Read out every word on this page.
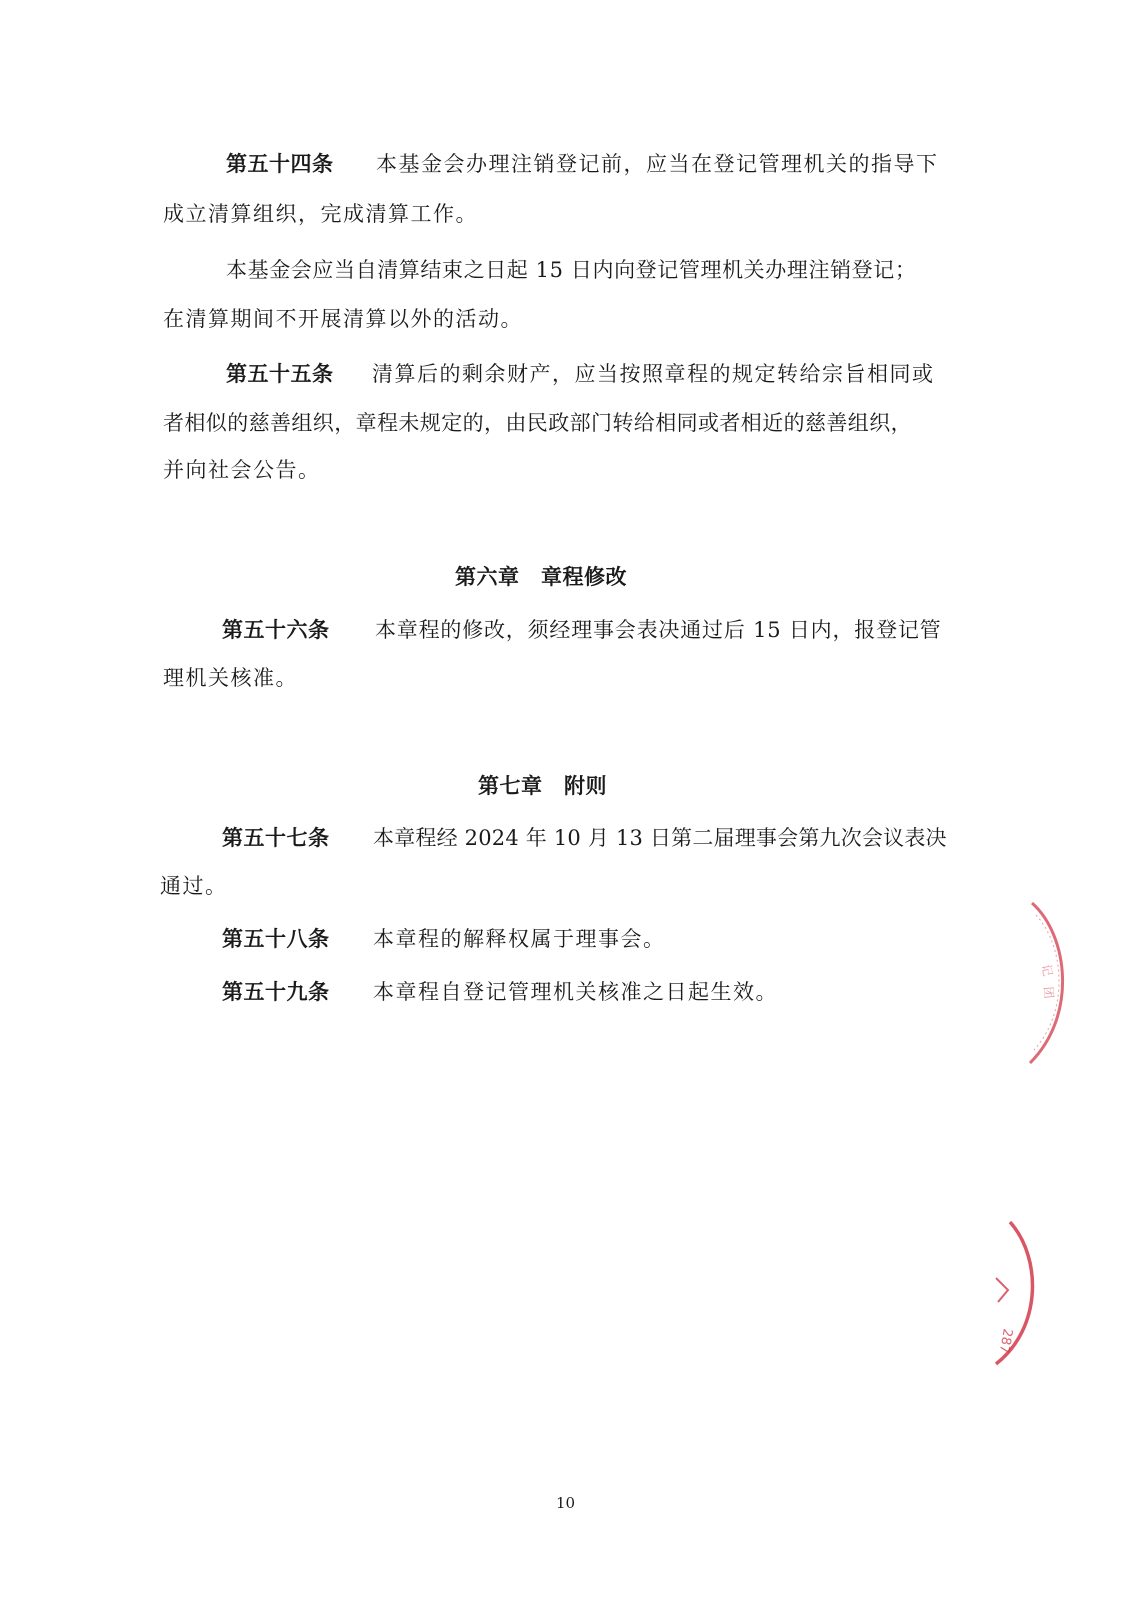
第五十四条 本基金会办理注销登记前，应当在登记管理机关的指导下
成立清算组织，完成清算工作。
本基金会应当自清算结束之日起 15 日内向登记管理机关办理注销登记；
在清算期间不开展清算以外的活动。
第五十五条 清算后的剩余财产，应当按照章程的规定转给宗旨相同或
者相似的慈善组织，章程未规定的，由民政部门转给相同或者相近的慈善组织，
并向社会公告。
第六章　章程修改
第五十六条 本章程的修改，须经理事会表决通过后 15 日内，报登记管
理机关核准。
第七章　附则
第五十七条 本章程经 2024 年 10 月 13 日第二届理事会第九次会议表决
通过。
第五十八条 本章程的解释权属于理事会。
第五十九条 本章程自登记管理机关核准之日起生效。
记
团
287
10
